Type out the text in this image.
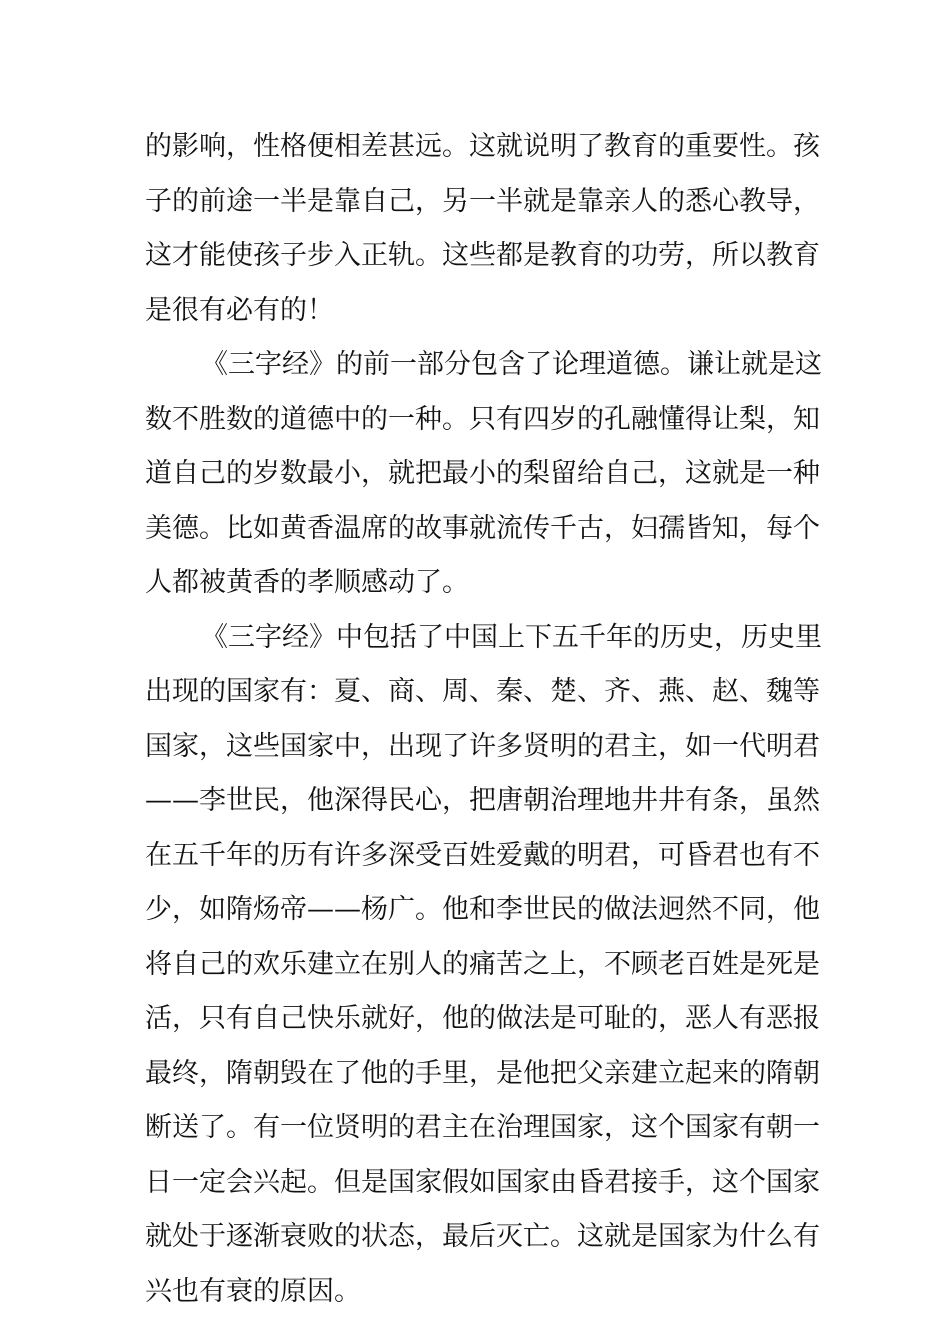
的影响，性格便相差甚远。这就说明了教育的重要性。孩
子的前途一半是靠自己，另一半就是靠亲人的悉心教导，
这才能使孩子步入正轨。这些都是教育的功劳，所以教育
是很有必有的！
《三字经》的前一部分包含了论理道德。谦让就是这
数不胜数的道德中的一种。只有四岁的孔融懂得让梨，知
道自己的岁数最小，就把最小的梨留给自己，这就是一种
美德。比如黄香温席的故事就流传千古，妇孺皆知，每个
人都被黄香的孝顺感动了。
《三字经》中包括了中国上下五千年的历史，历史里
出现的国家有：夏、商、周、秦、楚、齐、燕、赵、魏等
国家，这些国家中，出现了许多贤明的君主，如一代明君
——李世民，他深得民心，把唐朝治理地井井有条，虽然
在五千年的历有许多深受百姓爱戴的明君，可昏君也有不
少，如隋炀帝——杨广。他和李世民的做法迥然不同，他
将自己的欢乐建立在别人的痛苦之上，不顾老百姓是死是
活，只有自己快乐就好，他的做法是可耻的，恶人有恶报
最终，隋朝毁在了他的手里，是他把父亲建立起来的隋朝
断送了。有一位贤明的君主在治理国家，这个国家有朝一
日一定会兴起。但是国家假如国家由昏君接手，这个国家
就处于逐渐衰败的状态，最后灭亡。这就是国家为什么有
兴也有衰的原因。
